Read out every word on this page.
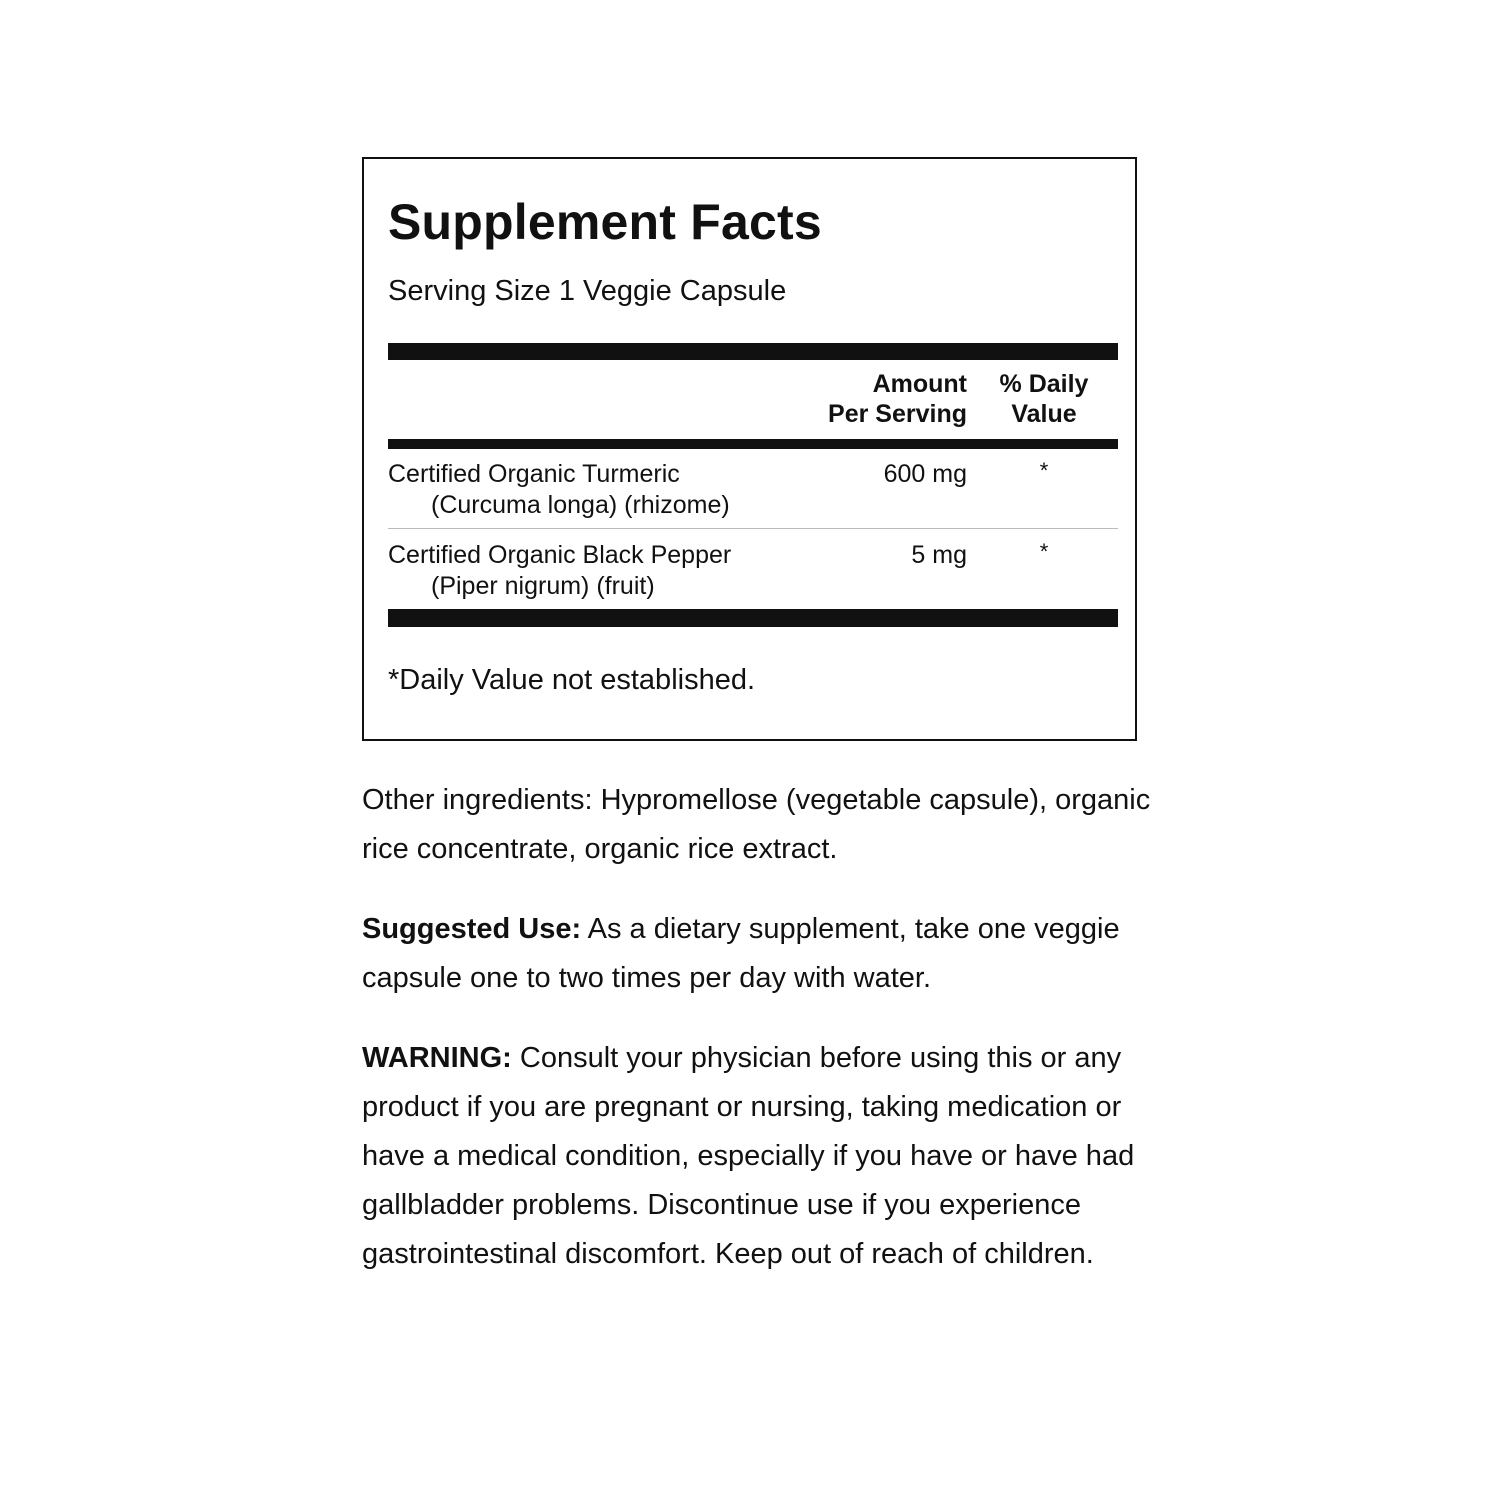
Supplement Facts
Serving Size 1 Veggie Capsule
Amount
Per Serving
% Daily
Value
Certified Organic Turmeric
(Curcuma longa) (rhizome)
600 mg	*
Certified Organic Black Pepper
(Piper nigrum) (fruit)
5 mg	*
*Daily Value not established.

Other ingredients: Hypromellose (vegetable capsule), organic rice concentrate, organic rice extract.

Suggested Use: As a dietary supplement, take one veggie capsule one to two times per day with water.

WARNING: Consult your physician before using this or any product if you are pregnant or nursing, taking medication or have a medical condition, especially if you have or have had gallbladder problems. Discontinue use if you experience gastrointestinal discomfort. Keep out of reach of children.
